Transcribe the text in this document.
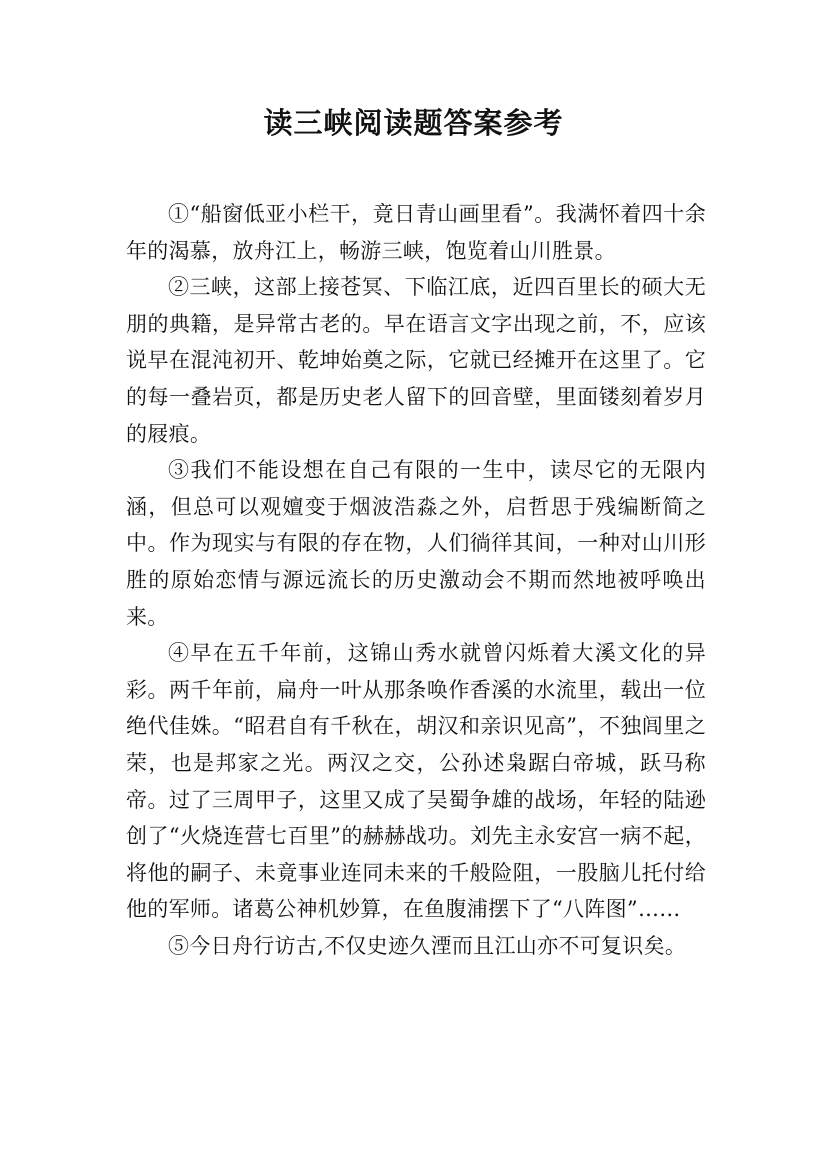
读三峡阅读题答案参考

①“船窗低亚小栏干，竟日青山画里看”。我满怀着四十余年的渴慕，放舟江上，畅游三峡，饱览着山川胜景。

②三峡，这部上接苍冥、下临江底，近四百里长的硕大无朋的典籍，是异常古老的。早在语言文字出现之前，不，应该说早在混沌初开、乾坤始奠之际，它就已经摊开在这里了。它的每一叠岩页，都是历史老人留下的回音壁，里面镂刻着岁月的屐痕。

③我们不能设想在自己有限的一生中，读尽它的无限内涵，但总可以观嬗变于烟波浩淼之外，启哲思于残编断简之中。作为现实与有限的存在物，人们徜徉其间，一种对山川形胜的原始恋情与源远流长的历史激动会不期而然地被呼唤出来。

④早在五千年前，这锦山秀水就曾闪烁着大溪文化的异彩。两千年前，扁舟一叶从那条唤作香溪的水流里，载出一位绝代佳姝。“昭君自有千秋在，胡汉和亲识见高”，不独闾里之荣，也是邦家之光。两汉之交，公孙述枭踞白帝城，跃马称帝。过了三周甲子，这里又成了吴蜀争雄的战场，年轻的陆逊创了“火烧连营七百里”的赫赫战功。刘先主永安宫一病不起，将他的嗣子、未竟事业连同未来的千般险阻，一股脑儿托付给他的军师。诸葛公神机妙算，在鱼腹浦摆下了“八阵图”……

⑤今日舟行访古,不仅史迹久湮而且江山亦不可复识矣。
